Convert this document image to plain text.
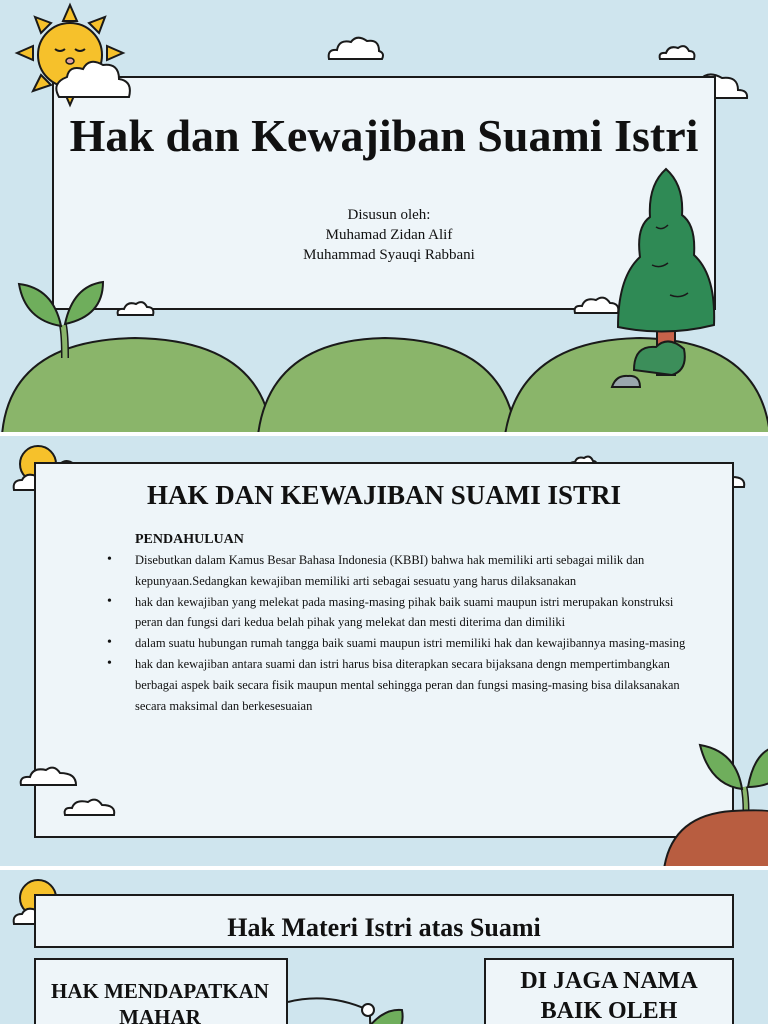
Hak dan Kewajiban Suami Istri
Disusun oleh:
Muhamad Zidan Alif
Muhammad Syauqi Rabbani
HAK DAN KEWAJIBAN SUAMI ISTRI
PENDAHULUAN
• Disebutkan dalam Kamus Besar Bahasa Indonesia (KBBI) bahwa hak memiliki arti sebagai milik dan kepunyaan.Sedangkan kewajiban memiliki arti sebagai sesuatu yang harus dilaksanakan
• hak dan kewajiban yang melekat pada masing-masing pihak baik suami maupun istri merupakan konstruksi peran dan fungsi dari kedua belah pihak yang melekat dan mesti diterima dan dimiliki
• dalam suatu hubungan rumah tangga baik suami maupun istri memiliki hak dan kewajibannya masing-masing
• hak dan kewajiban antara suami dan istri harus bisa diterapkan secara bijaksana dengn mempertimbangkan berbagai aspek baik secara fisik maupun mental sehingga peran dan fungsi masing-masing bisa dilaksanakan secara maksimal dan berkesesuaian
Hak Materi Istri atas Suami
HAK MENDAPATKAN MAHAR
DI JAGA NAMA BAIK OLEH
